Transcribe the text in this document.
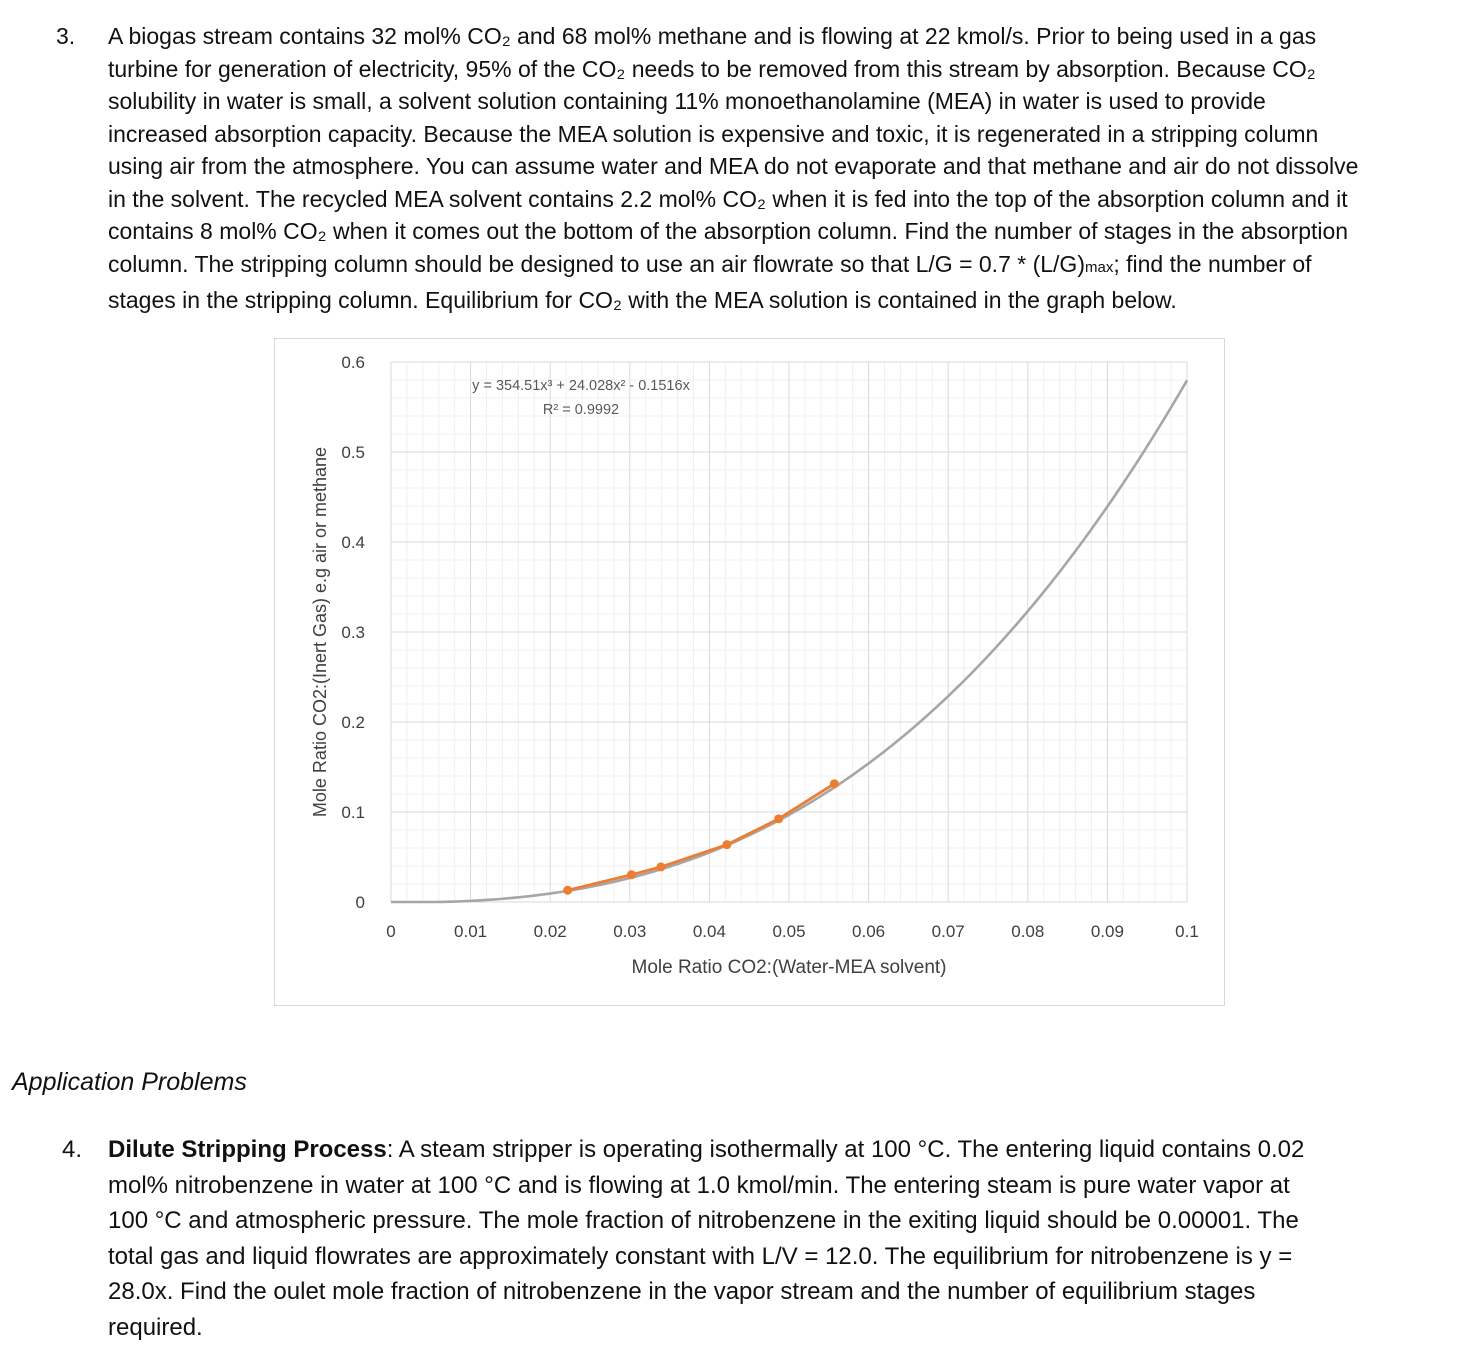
3. A biogas stream contains 32 mol% CO₂ and 68 mol% methane and is flowing at 22 kmol/s. Prior to being used in a gas
turbine for generation of electricity, 95% of the CO₂ needs to be removed from this stream by absorption. Because CO₂
solubility in water is small, a solvent solution containing 11% monoethanolamine (MEA) in water is used to provide
increased absorption capacity. Because the MEA solution is expensive and toxic, it is regenerated in a stripping column
using air from the atmosphere. You can assume water and MEA do not evaporate and that methane and air do not dissolve
in the solvent. The recycled MEA solvent contains 2.2 mol% CO₂ when it is fed into the top of the absorption column and it
contains 8 mol% CO₂ when it comes out the bottom of the absorption column. Find the number of stages in the absorption
column. The stripping column should be designed to use an air flowrate so that L/G = 0.7 * (L/G)max; find the number of
stages in the stripping column. Equilibrium for CO₂ with the MEA solution is contained in the graph below.
0	0.01	0.02	0.03	0.04	0.05	0.06	0.07	0.08	0.09	0.1
0
0.1
0.2
0.3
0.4
0.5
0.6
y = 354.51x³ + 24.028x² - 0.1516x
R² = 0.9992
Mole Ratio CO2:(Water-MEA solvent)
Mole Ratio CO2:(Inert Gas) e.g air or methane
Application Problems
4. Dilute Stripping Process: A steam stripper is operating isothermally at 100 °C. The entering liquid contains 0.02
mol% nitrobenzene in water at 100 °C and is flowing at 1.0 kmol/min. The entering steam is pure water vapor at
100 °C and atmospheric pressure. The mole fraction of nitrobenzene in the exiting liquid should be 0.00001. The
total gas and liquid flowrates are approximately constant with L/V = 12.0. The equilibrium for nitrobenzene is y =
28.0x. Find the oulet mole fraction of nitrobenzene in the vapor stream and the number of equilibrium stages
required.
